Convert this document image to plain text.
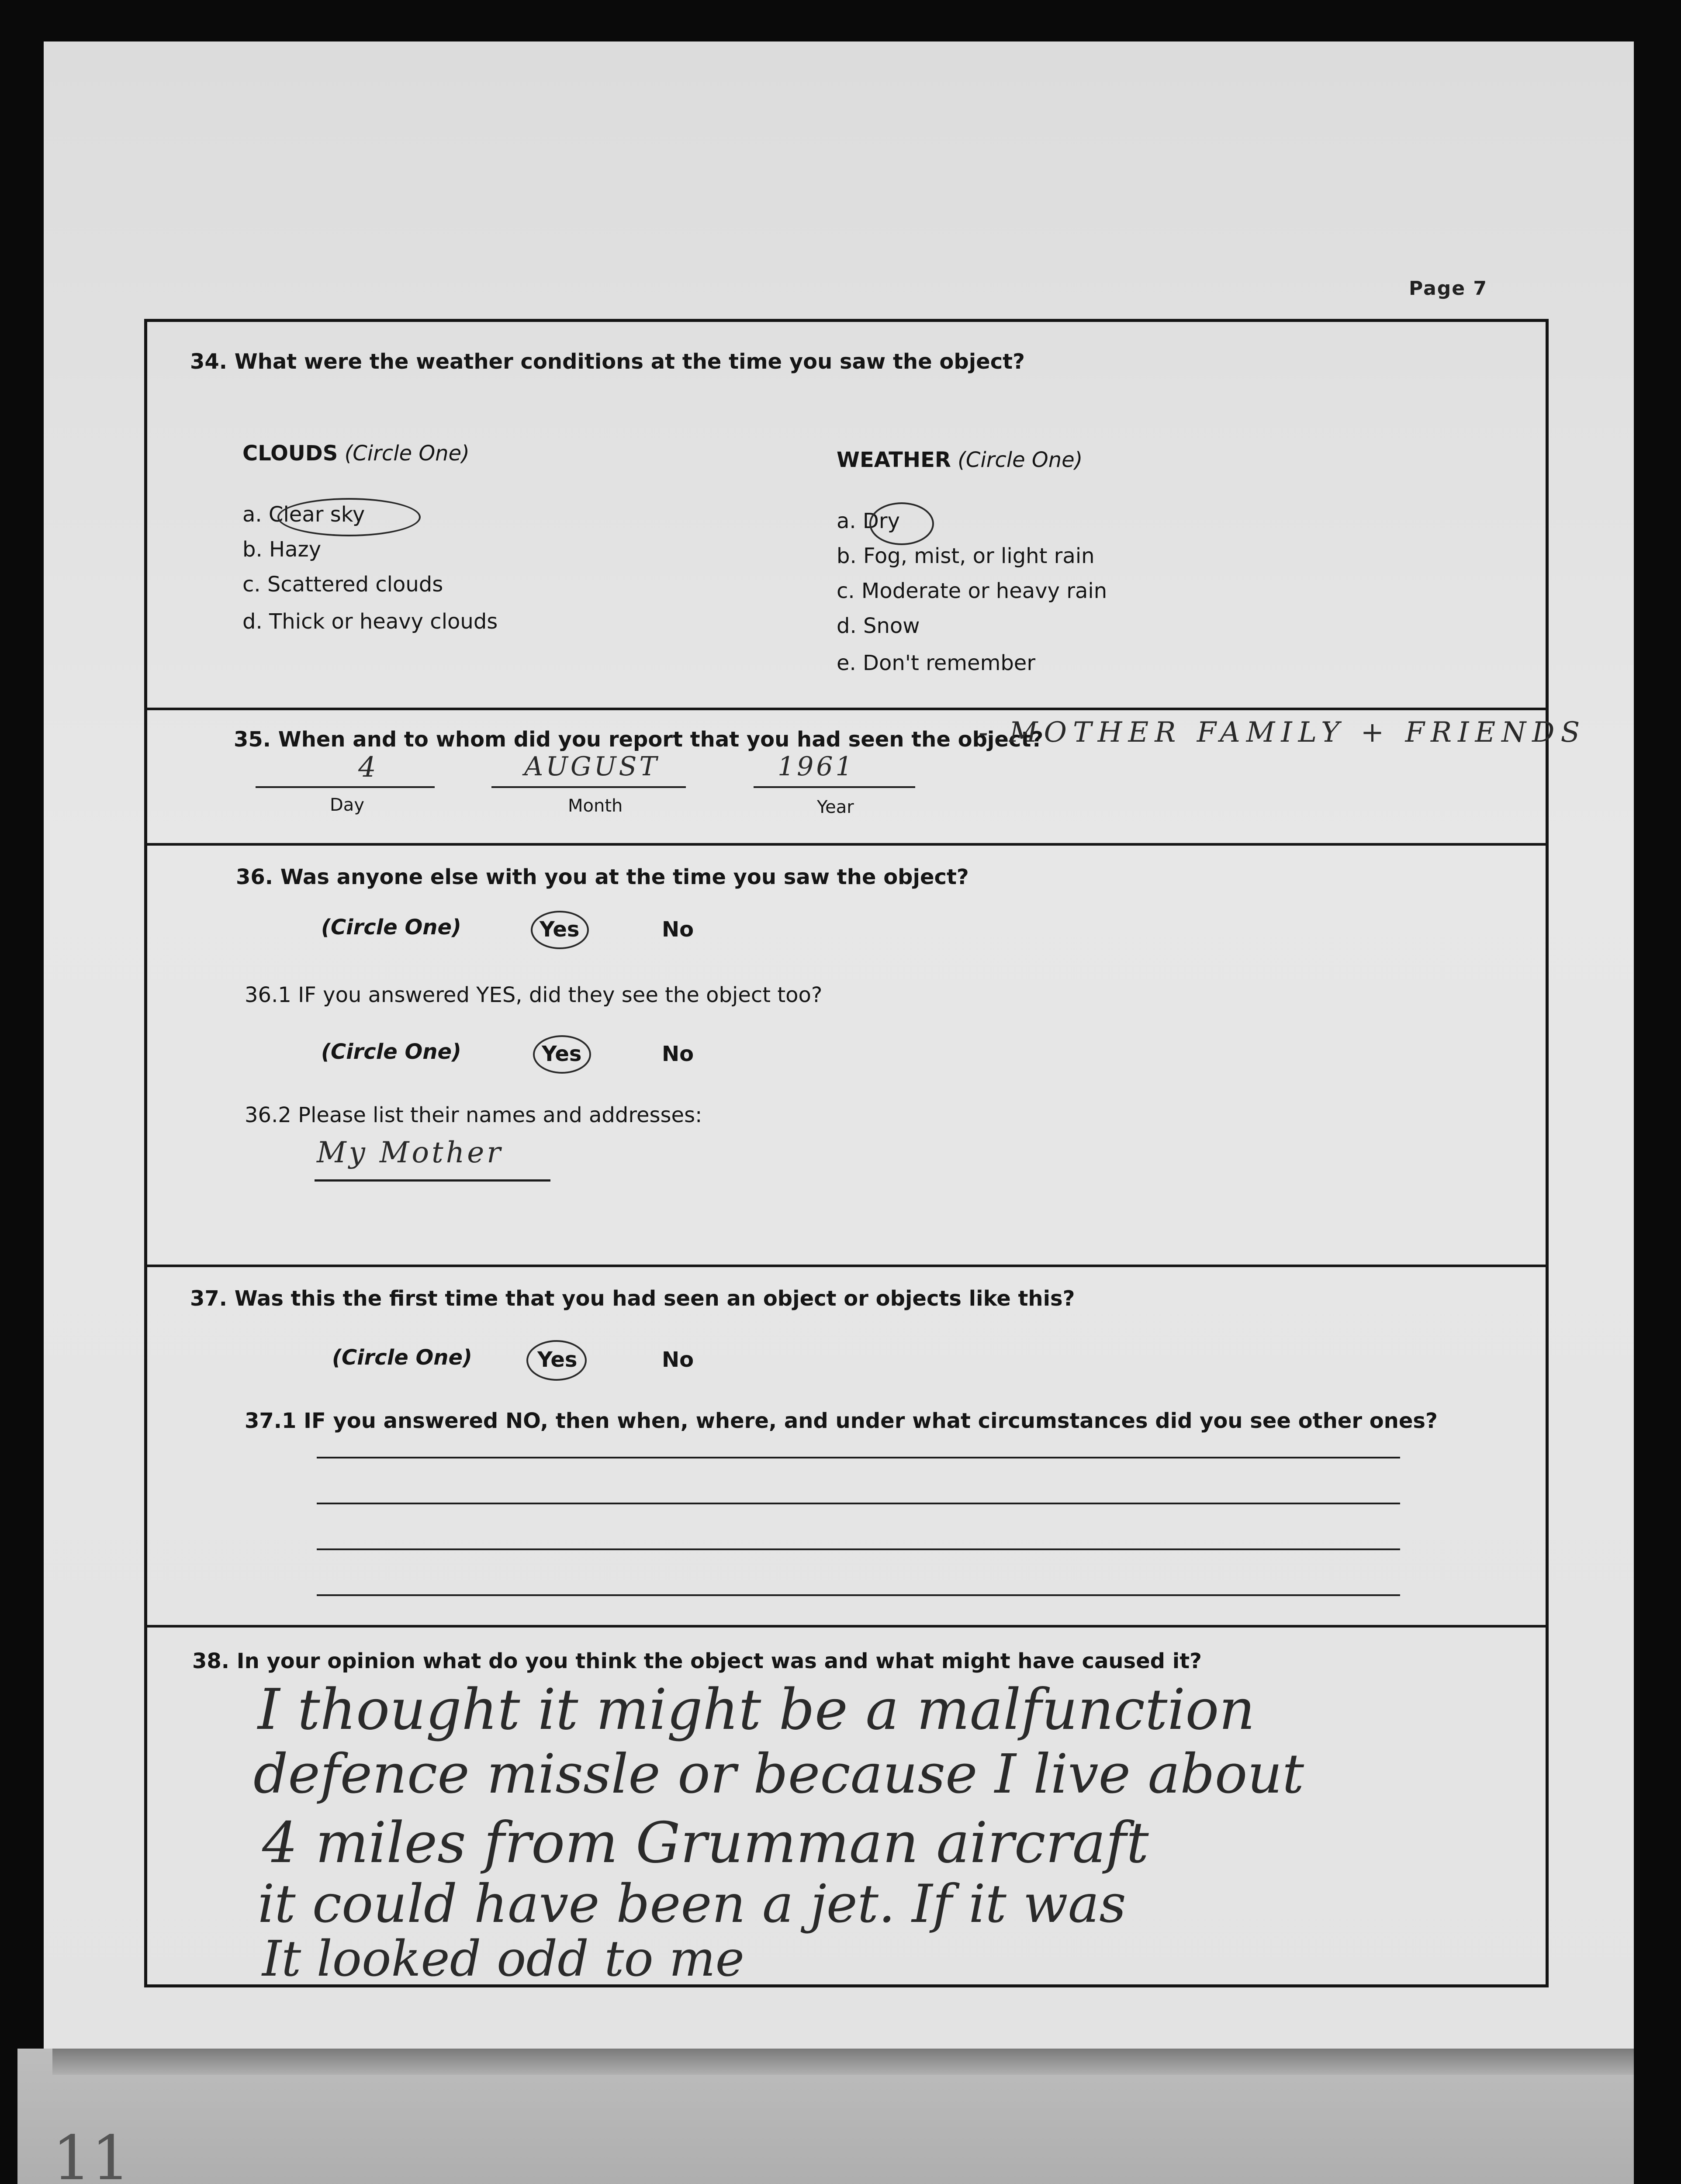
Page 7
34. What were the weather conditions at the time you saw the object?
CLOUDS (Circle One)
a. Clear sky
b. Hazy
c. Scattered clouds
d. Thick or heavy clouds
WEATHER (Circle One)
a. Dry
b. Fog, mist, or light rain
c. Moderate or heavy rain
d. Snow
e. Don't remember
35. When and to whom did you report that you had seen the object?
- MOTHER FAMILY + FRIENDS
4	AUGUST	1961
Day	Month	Year
36. Was anyone else with you at the time you saw the object?
(Circle One)	Yes	No
36.1 IF you answered YES, did they see the object too?
(Circle One)	Yes	No
36.2 Please list their names and addresses:
My Mother
37. Was this the first time that you had seen an object or objects like this?
(Circle One)	Yes	No
37.1 IF you answered NO, then when, where, and under what circumstances did you see other ones?
38. In your opinion what do you think the object was and what might have caused it?
I thought it might be a malfunction
defence missle or because I live about
4 miles from Grumman aircraft
it could have been a jet. If it was
It looked odd to me
11
